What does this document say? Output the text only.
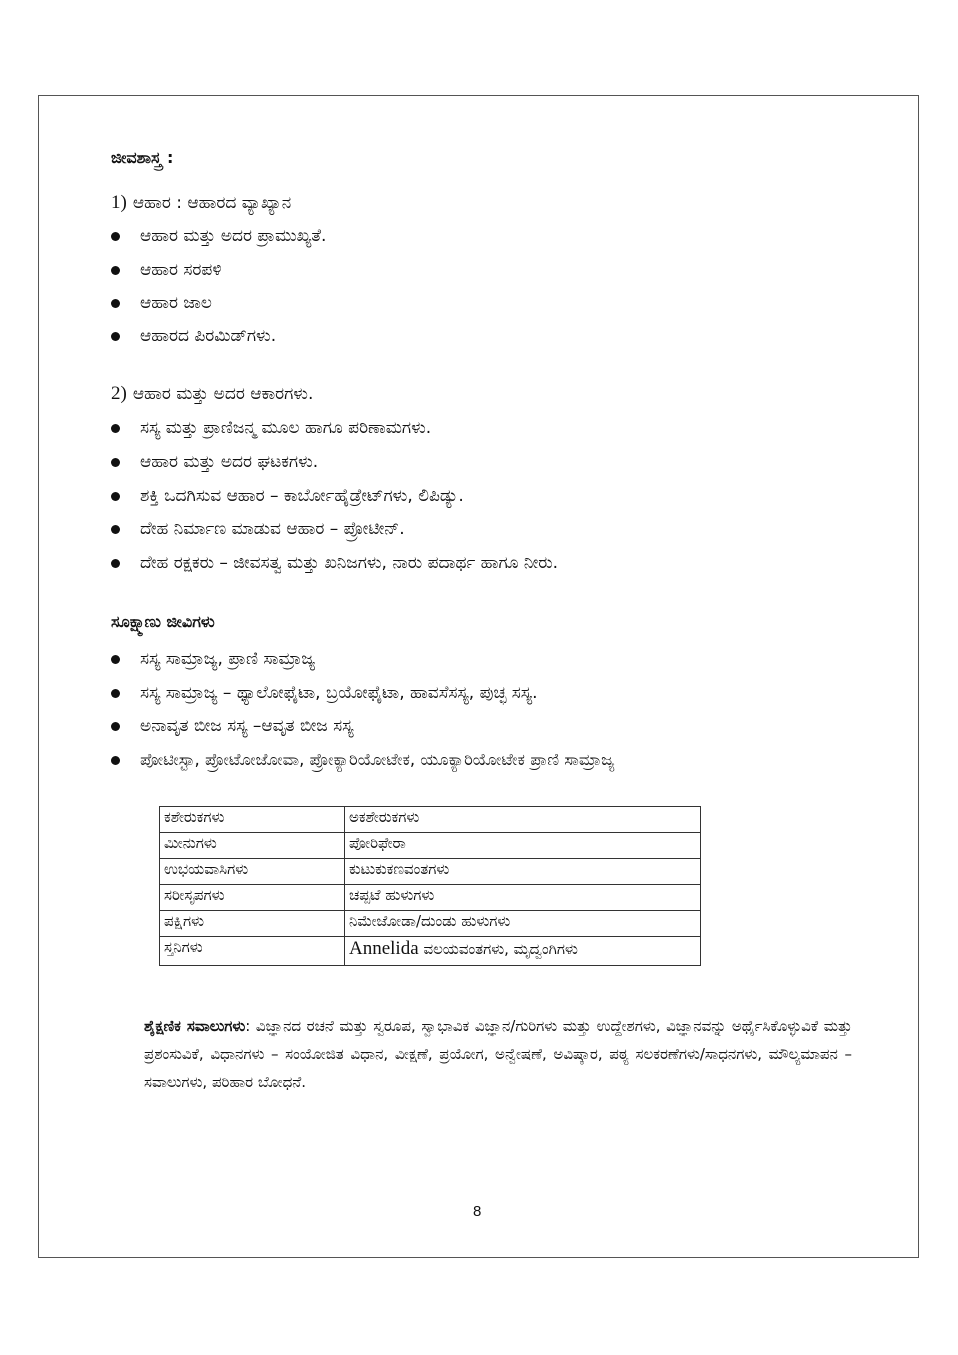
ಜೀವಶಾಸ್ತ್ರ :
1) ಆಹಾರ : ಆಹಾರದ ವ್ಯಾಖ್ಯಾನ
ಆಹಾರ ಮತ್ತು ಅದರ ಪ್ರಾಮುಖ್ಯತೆ.
ಆಹಾರ ಸರಪಳಿ
ಆಹಾರ ಜಾಲ
ಆಹಾರದ ಪಿರಮಿಡ್‌ಗಳು.
2) ಆಹಾರ ಮತ್ತು ಅದರ ಆಕಾರಗಳು.
ಸಸ್ಯ ಮತ್ತು ಪ್ರಾಣಿಜನ್ಮ ಮೂಲ ಹಾಗೂ ಪರಿಣಾಮಗಳು.
ಆಹಾರ ಮತ್ತು ಅದರ ಘಟಕಗಳು.
ಶಕ್ತಿ ಒದಗಿಸುವ ಆಹಾರ – ಕಾರ್ಬೋಹೈಡ್ರೇಟ್‌ಗಳು, ಲಿಪಿಡ್ಯು.
ದೇಹ ನಿರ್ಮಾಣ ಮಾಡುವ ಆಹಾರ – ಪ್ರೋಟೀನ್.
ದೇಹ ರಕ್ಷಕರು – ಜೀವಸತ್ವ ಮತ್ತು ಖನಿಜಗಳು, ನಾರು ಪದಾರ್ಥ ಹಾಗೂ ನೀರು.
ಸೂಕ್ಷ್ಮಾಣು ಜೀವಿಗಳು
ಸಸ್ಯ ಸಾಮ್ರಾಜ್ಯ, ಪ್ರಾಣಿ ಸಾಮ್ರಾಜ್ಯ
ಸಸ್ಯ ಸಾಮ್ರಾಜ್ಯ – ಥ್ಯಾಲೋಫೈಟಾ, ಬ್ರಯೋಫೈಟಾ, ಹಾವಸೆಸಸ್ಯ, ಪುಚ್ಛ ಸಸ್ಯ.
ಅನಾವೃತ ಬೀಜ ಸಸ್ಯ –ಆವೃತ ಬೀಜ ಸಸ್ಯ
ಪೋಟೀಸ್ಟಾ, ಪ್ರೋಟೋಜೋವಾ, ಪ್ರೋಕ್ಯಾರಿಯೋಟೇಕ, ಯೂಕ್ಯಾರಿಯೋಟೇಕ ಪ್ರಾಣಿ ಸಾಮ್ರಾಜ್ಯ
ಕಶೇರುಕಗಳು	ಅಕಶೇರುಕಗಳು
ಮೀನುಗಳು	ಪೋರಿಫೇರಾ
ಉಭಯವಾಸಿಗಳು	ಕುಟುಕುಕಣವಂತಗಳು
ಸರೀಸೃಪಗಳು	ಚಪ್ಪಟೆ ಹುಳುಗಳು
ಪಕ್ಷಿಗಳು	ನಿಮೇಜೋಡಾ/ದುಂಡು ಹುಳುಗಳು
ಸ್ತನಿಗಳು	Annelida ವಲಯವಂತಗಳು, ಮೃದ್ವಂಗಿಗಳು
ಶೈಕ್ಷಣಿಕ ಸವಾಲುಗಳು: ವಿಜ್ಞಾನದ ರಚನೆ ಮತ್ತು ಸ್ವರೂಪ, ಸ್ವಾಭಾವಿಕ ವಿಜ್ಞಾನ/ಗುರಿಗಳು ಮತ್ತು ಉದ್ದೇಶಗಳು, ವಿಜ್ಞಾನವನ್ನು ಅರ್ಥೈಸಿಕೊಳ್ಳುವಿಕೆ ಮತ್ತು ಪ್ರಶಂಸುವಿಕೆ, ವಿಧಾನಗಳು – ಸಂಯೋಜಿತ ವಿಧಾನ, ವೀಕ್ಷಣೆ, ಪ್ರಯೋಗ, ಅನ್ವೇಷಣೆ, ಅವಿಷ್ಕಾರ, ಪಠ್ಯ ಸಲಕರಣೆಗಳು/ಸಾಧನಗಳು, ಮೌಲ್ಯಮಾಪನ – ಸವಾಲುಗಳು, ಪರಿಹಾರ ಬೋಧನೆ.
8
